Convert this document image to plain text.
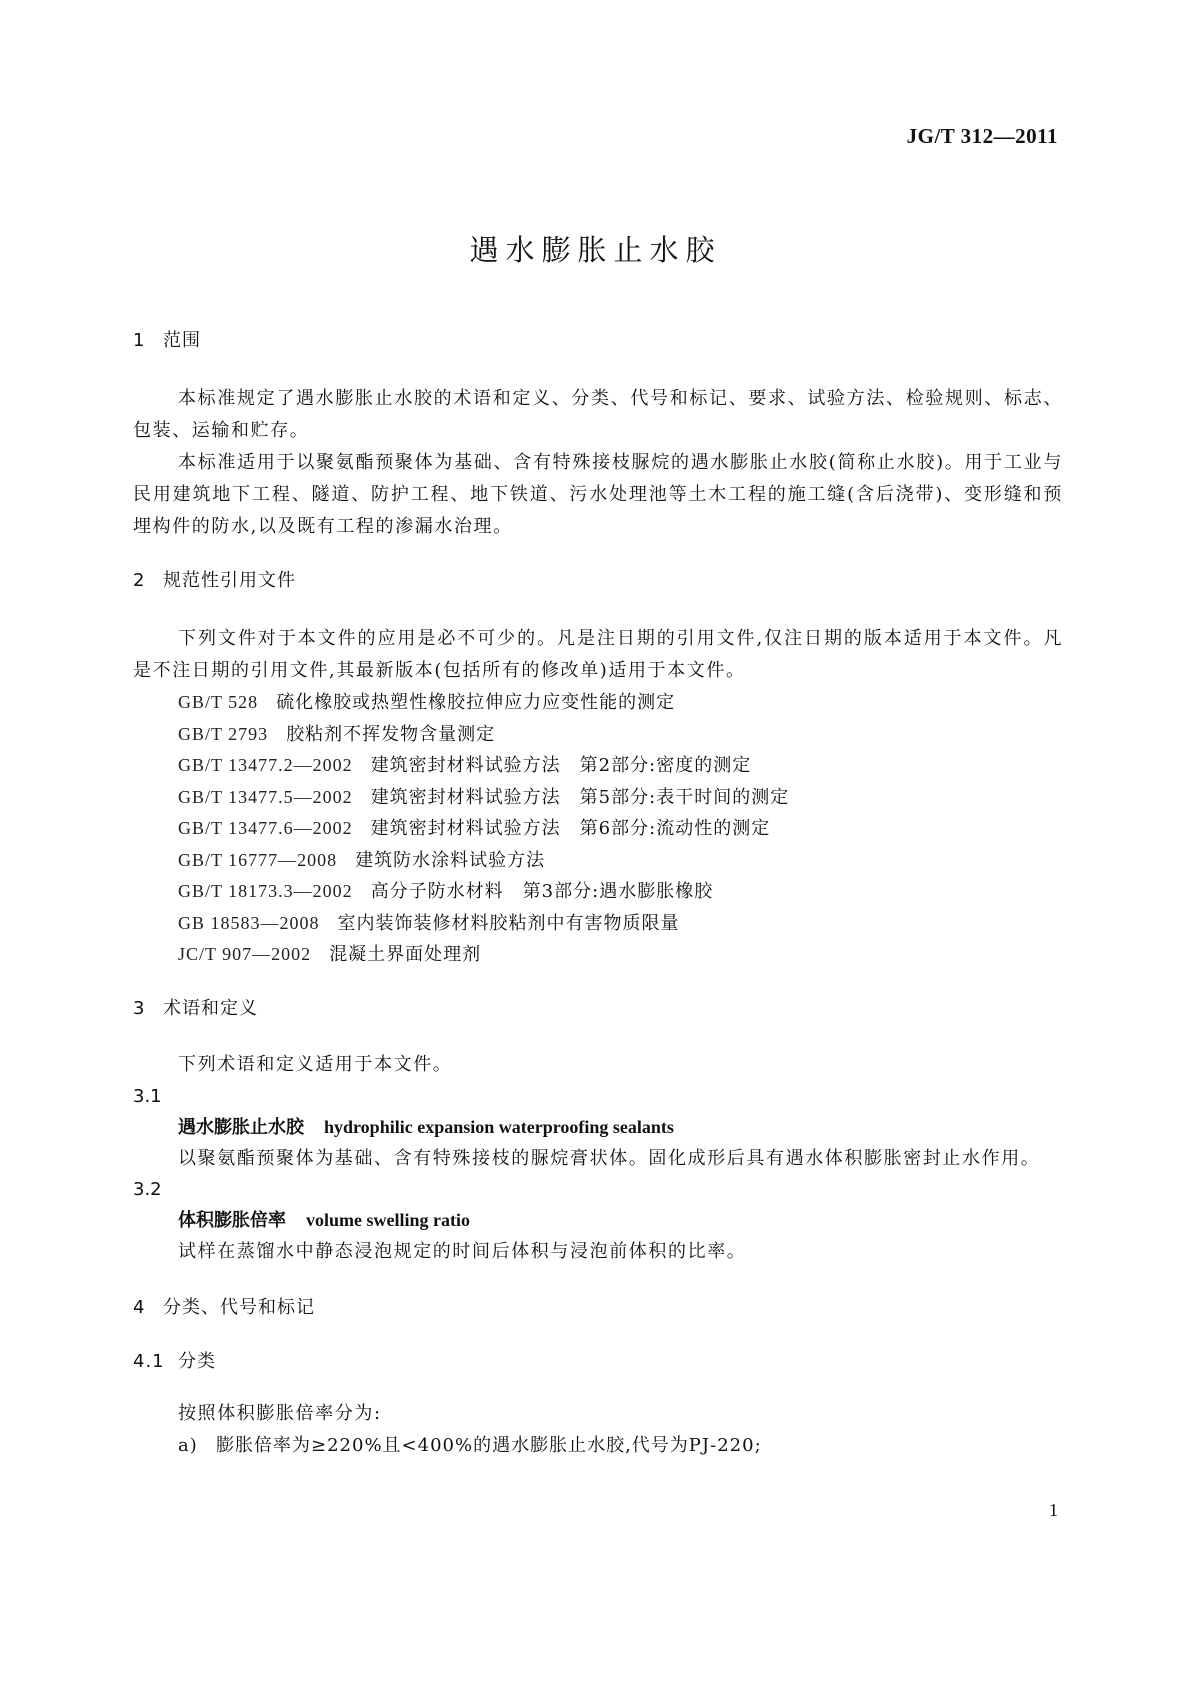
JG/T 312—2011
遇水膨胀止水胶
1 范围
本标准规定了遇水膨胀止水胶的术语和定义、分类、代号和标记、要求、试验方法、检验规则、标志、包装、运输和贮存。
本标准适用于以聚氨酯预聚体为基础、含有特殊接枝脲烷的遇水膨胀止水胶(简称止水胶)。用于工业与民用建筑地下工程、隧道、防护工程、地下铁道、污水处理池等土木工程的施工缝(含后浇带)、变形缝和预埋构件的防水,以及既有工程的渗漏水治理。
2 规范性引用文件
下列文件对于本文件的应用是必不可少的。凡是注日期的引用文件,仅注日期的版本适用于本文件。凡是不注日期的引用文件,其最新版本(包括所有的修改单)适用于本文件。
GB/T 528 硫化橡胶或热塑性橡胶拉伸应力应变性能的测定
GB/T 2793 胶粘剂不挥发物含量测定
GB/T 13477.2—2002 建筑密封材料试验方法　第2部分:密度的测定
GB/T 13477.5—2002 建筑密封材料试验方法　第5部分:表干时间的测定
GB/T 13477.6—2002 建筑密封材料试验方法　第6部分:流动性的测定
GB/T 16777—2008 建筑防水涂料试验方法
GB/T 18173.3—2002 高分子防水材料　第3部分:遇水膨胀橡胶
GB 18583—2008 室内装饰装修材料胶粘剂中有害物质限量
JC/T 907—2002 混凝土界面处理剂
3 术语和定义
下列术语和定义适用于本文件。
3.1
遇水膨胀止水胶 hydrophilic expansion waterproofing sealants
以聚氨酯预聚体为基础、含有特殊接枝的脲烷膏状体。固化成形后具有遇水体积膨胀密封止水作用。
3.2
体积膨胀倍率 volume swelling ratio
试样在蒸馏水中静态浸泡规定的时间后体积与浸泡前体积的比率。
4 分类、代号和标记
4.1 分类
按照体积膨胀倍率分为:
a) 膨胀倍率为≥220%且<400%的遇水膨胀止水胶,代号为PJ-220;
1
